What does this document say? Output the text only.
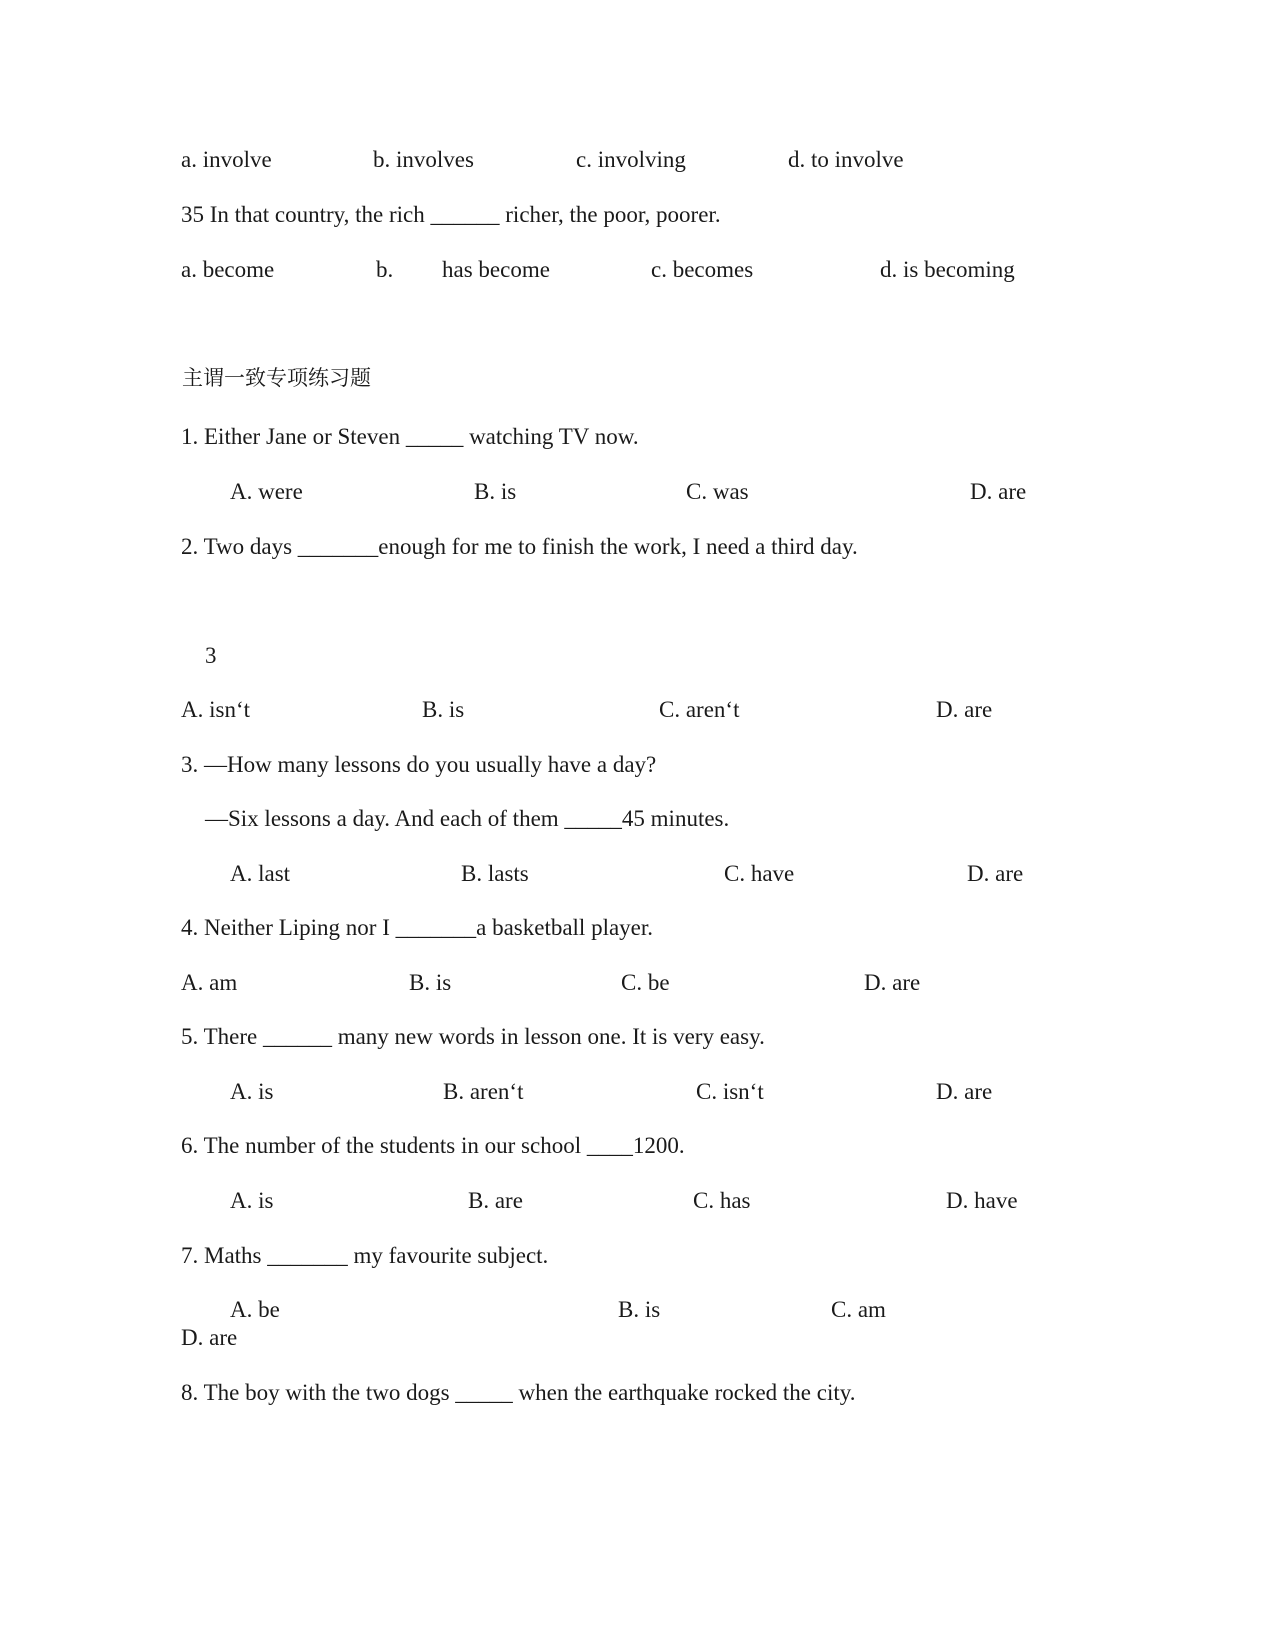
a. involve	b. involves	c. involving	d. to involve
35 In that country, the rich ______ richer, the poor, poorer.
a. become	b. has become	c. becomes	d. is becoming
主谓一致专项练习题
1. Either Jane or Steven _____ watching TV now.
A. were	B. is	C. was	D. are
2. Two days _______enough for me to finish the work, I need a third day.
3
A. isn‘t	B. is	C. aren‘t	D. are
3. —How many lessons do you usually have a day?
—Six lessons a day. And each of them _____45 minutes.
A. last	B. lasts	C. have	D. are
4. Neither Liping nor I _______a basketball player.
A. am	B. is	C. be	D. are
5. There ______ many new words in lesson one. It is very easy.
A. is	B. aren‘t	C. isn‘t	D. are
6. The number of the students in our school ____1200.
A. is	B. are	C. has	D. have
7. Maths _______ my favourite subject.
A. be	B. is	C. am
D. are
8. The boy with the two dogs _____ when the earthquake rocked the city.
